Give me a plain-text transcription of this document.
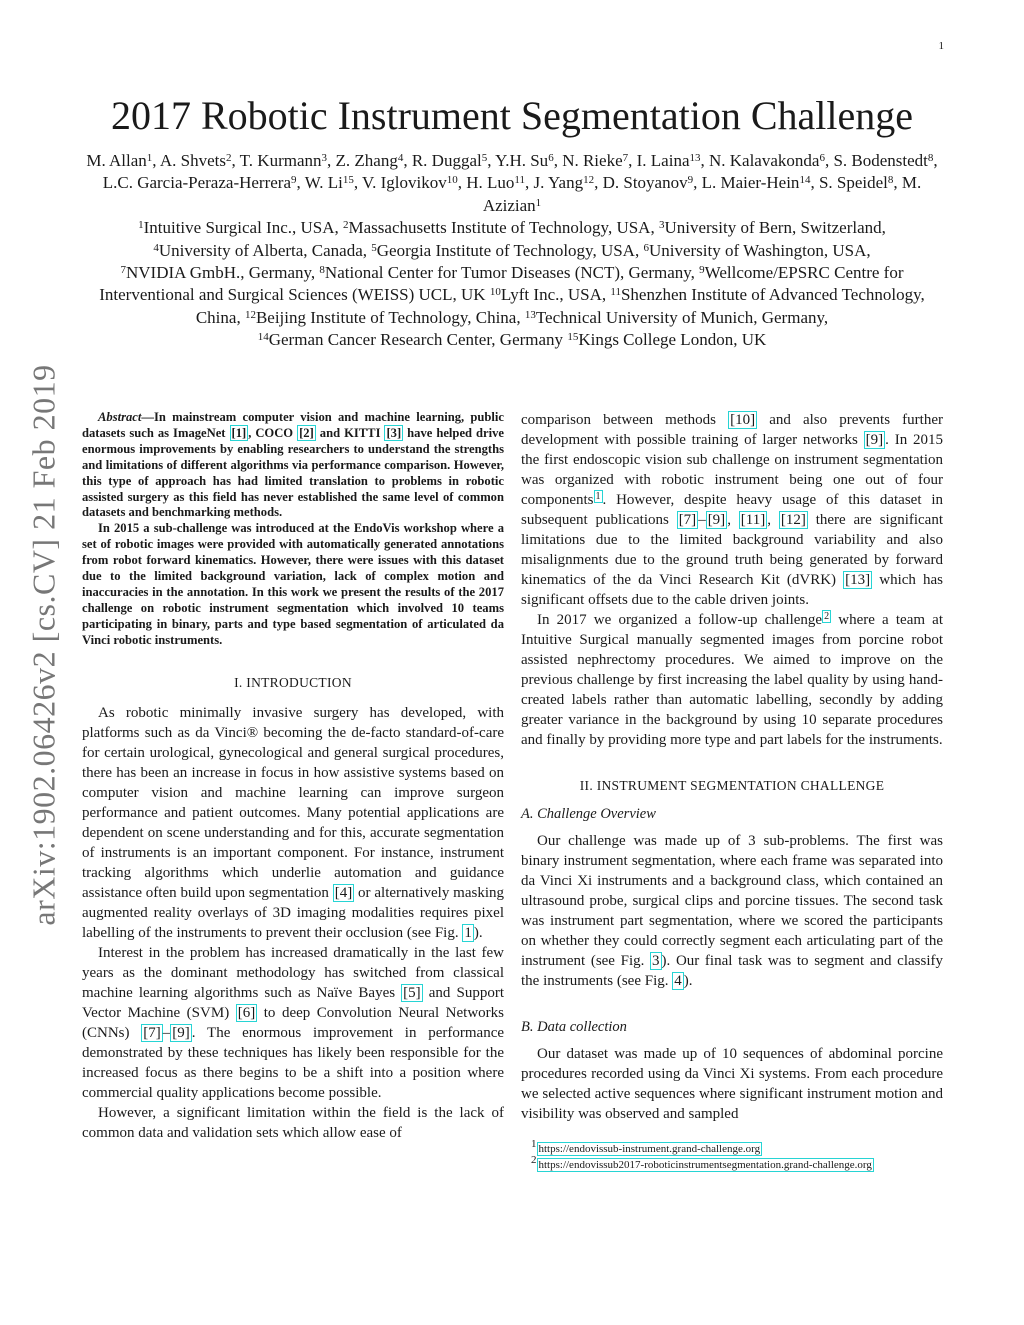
1
arXiv:1902.06426v2 [cs.CV] 21 Feb 2019
2017 Robotic Instrument Segmentation Challenge
M. Allan$^1$, A. Shvets$^2$, T. Kurmann$^3$, Z. Zhang$^4$, R. Duggal$^5$, Y.H. Su$^6$, N. Rieke$^7$, I. Laina$^{13}$, N. Kalavakonda$^6$, S. Bodenstedt$^8$, L.C. Garcia-Peraza-Herrera$^9$, W. Li$^{15}$, V. Iglovikov$^{10}$, H. Luo$^{11}$, J. Yang$^{12}$, D. Stoyanov$^9$, L. Maier-Hein$^{14}$, S. Speidel$^8$, M. Azizian$^1$
$^1$Intuitive Surgical Inc., USA, $^2$Massachusetts Institute of Technology, USA, $^3$University of Bern, Switzerland,
$^4$University of Alberta, Canada, $^5$Georgia Institute of Technology, USA, $^6$University of Washington, USA,
$^7$NVIDIA GmbH., Germany, $^8$National Center for Tumor Diseases (NCT), Germany, $^9$Wellcome/EPSRC Centre for Interventional and Surgical Sciences (WEISS) UCL, UK $^{10}$Lyft Inc., USA, $^{11}$Shenzhen Institute of Advanced Technology, China, $^{12}$Beijing Institute of Technology, China, $^{13}$Technical University of Munich, Germany,
$^{14}$German Cancer Research Center, Germany $^{15}$Kings College London, UK

Abstract—In mainstream computer vision and machine learning, public datasets such as ImageNet [1] , COCO [2] and KITTI [3] have helped drive enormous improvements by enabling researchers to understand the strengths and limitations of different algorithms via performance comparison. However, this type of approach has had limited translation to problems in robotic assisted surgery as this field has never established the same level of common datasets and benchmarking methods.

In 2015 a sub-challenge was introduced at the EndoVis workshop where a set of robotic images were provided with automatically generated annotations from robot forward kinematics. However, there were issues with this dataset due to the limited background variation, lack of complex motion and inaccuracies in the annotation. In this work we present the results of the 2017 challenge on robotic instrument segmentation which involved 10 teams participating in binary, parts and type based segmentation of articulated da Vinci robotic instruments.

I. INTRODUCTION

As robotic minimally invasive surgery has developed, with platforms such as da Vinci® becoming the de-facto standard-of-care for certain urological, gynecological and general surgical procedures, there has been an increase in focus in how assistive systems based on computer vision and machine learning can improve surgeon performance and patient outcomes. Many potential applications are dependent on scene understanding and for this, accurate segmentation of instruments is an important component. For instance, instrument tracking algorithms which underlie automation and guidance assistance often build upon segmentation [4] or alternatively masking augmented reality overlays of 3D imaging modalities requires pixel labelling of the instruments to prevent their occlusion (see Fig. 1 ).

Interest in the problem has increased dramatically in the last few years as the dominant methodology has switched from classical machine learning algorithms such as Naïve Bayes [5] and Support Vector Machine (SVM) [6] to deep Convolution Neural Networks (CNNs) [7] – [9] . The enormous improvement in performance demonstrated by these techniques has likely been responsible for the increased focus as there begins to be a shift into a position where commercial quality applications become possible.

However, a significant limitation within the field is the lack of common data and validation sets which allow ease of

comparison between methods [10] and also prevents further development with possible training of larger networks [9] . In 2015 the first endoscopic vision sub challenge on instrument segmentation was organized with robotic instrument being one out of four components $^1$ . However, despite heavy usage of this dataset in subsequent publications [7] – [9] , [11] , [12] there are significant limitations due to the limited background variability and also misalignments due to the ground truth being generated by forward kinematics of the da Vinci Research Kit (dVRK) [13] which has significant offsets due to the cable driven joints.

In 2017 we organized a follow-up challenge $^2$ where a team at Intuitive Surgical manually segmented images from porcine robot assisted nephrectomy procedures. We aimed to improve on the previous challenge by first increasing the label quality by using hand-created labels rather than automatic labelling, secondly by adding greater variance in the background by using 10 separate procedures and finally by providing more type and part labels for the instruments.

II. INSTRUMENT SEGMENTATION CHALLENGE
A. Challenge Overview

Our challenge was made up of 3 sub-problems. The first was binary instrument segmentation, where each frame was separated into da Vinci Xi instruments and a background class, which contained an ultrasound probe, surgical clips and porcine tissues. The second task was instrument part segmentation, where we scored the participants on whether they could correctly segment each articulating part of the instrument (see Fig. 3 ). Our final task was to segment and classify the instruments (see Fig. 4 ).

B. Data collection

Our dataset was made up of 10 sequences of abdominal porcine procedures recorded using da Vinci Xi systems. From each procedure we selected active sequences where significant instrument motion and visibility was observed and sampled

$^1$ https://endovissub-instrument.grand-challenge.org

$^2$ https://endovissub2017-roboticinstrumentsegmentation.grand-challenge.org
